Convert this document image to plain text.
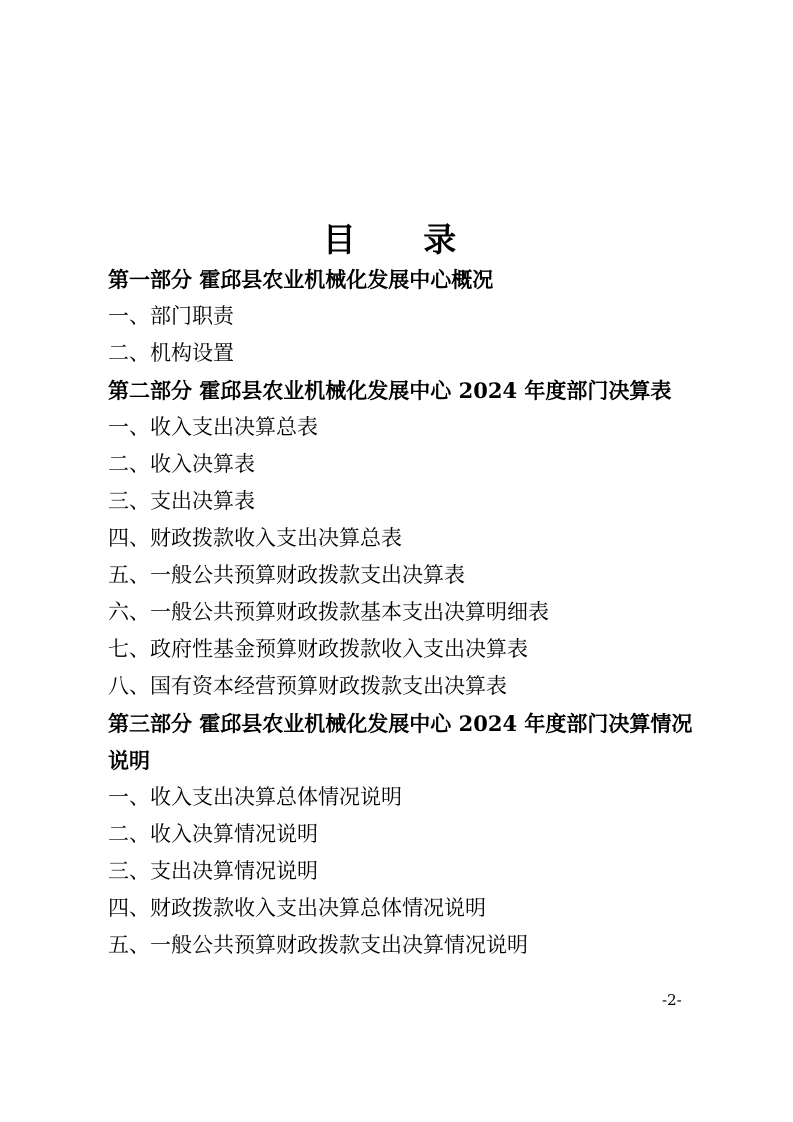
目 录

第一部分 霍邱县农业机械化发展中心概况

一、部门职责

二、机构设置

第二部分 霍邱县农业机械化发展中心 2024 年度部门决算表

一、收入支出决算总表

二、收入决算表

三、支出决算表

四、财政拨款收入支出决算总表

五、一般公共预算财政拨款支出决算表

六、一般公共预算财政拨款基本支出决算明细表

七、政府性基金预算财政拨款收入支出决算表

八、国有资本经营预算财政拨款支出决算表

第三部分 霍邱县农业机械化发展中心 2024 年度部门决算情况说明

一、收入支出决算总体情况说明

二、收入决算情况说明

三、支出决算情况说明

四、财政拨款收入支出决算总体情况说明

五、一般公共预算财政拨款支出决算情况说明

-2-
